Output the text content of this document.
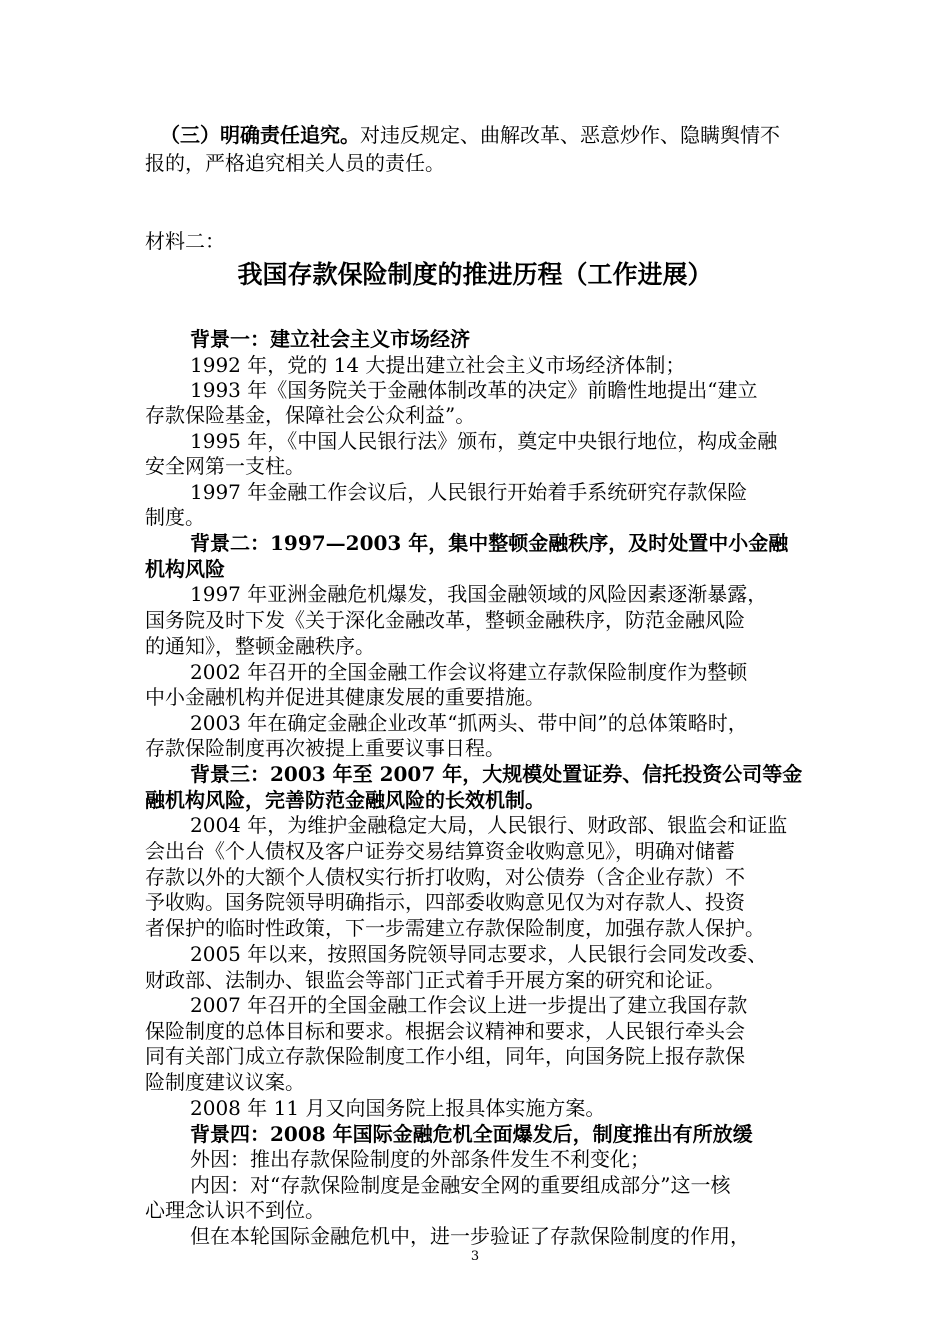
（三）明确责任追究。对违反规定、曲解改革、恶意炒作、隐瞒舆情不
报的，严格追究相关人员的责任。
材料二：
我国存款保险制度的推进历程（工作进展）
背景一：建立社会主义市场经济
1992 年，党的 14 大提出建立社会主义市场经济体制；
1993 年《国务院关于金融体制改革的决定》前瞻性地提出“建立
存款保险基金，保障社会公众利益”。
1995 年，《中国人民银行法》颁布，奠定中央银行地位，构成金融
安全网第一支柱。
1997 年金融工作会议后，人民银行开始着手系统研究存款保险
制度。
背景二：1997—2003 年，集中整顿金融秩序，及时处置中小金融
机构风险
1997 年亚洲金融危机爆发，我国金融领域的风险因素逐渐暴露，
国务院及时下发《关于深化金融改革，整顿金融秩序，防范金融风险
的通知》，整顿金融秩序。
2002 年召开的全国金融工作会议将建立存款保险制度作为整顿
中小金融机构并促进其健康发展的重要措施。
2003 年在确定金融企业改革“抓两头、带中间”的总体策略时，
存款保险制度再次被提上重要议事日程。
背景三：2003 年至 2007 年，大规模处置证券、信托投资公司等金
融机构风险，完善防范金融风险的长效机制。
2004 年，为维护金融稳定大局，人民银行、财政部、银监会和证监
会出台《个人债权及客户证券交易结算资金收购意见》，明确对储蓄
存款以外的大额个人债权实行折打收购，对公债券（含企业存款）不
予收购。国务院领导明确指示，四部委收购意见仅为对存款人、投资
者保护的临时性政策，下一步需建立存款保险制度，加强存款人保护。
2005 年以来，按照国务院领导同志要求，人民银行会同发改委、
财政部、法制办、银监会等部门正式着手开展方案的研究和论证。
2007 年召开的全国金融工作会议上进一步提出了建立我国存款
保险制度的总体目标和要求。根据会议精神和要求，人民银行牵头会
同有关部门成立存款保险制度工作小组，同年，向国务院上报存款保
险制度建议议案。
2008 年 11 月又向国务院上报具体实施方案。
背景四：2008 年国际金融危机全面爆发后，制度推出有所放缓
外因：推出存款保险制度的外部条件发生不利变化；
内因：对“存款保险制度是金融安全网的重要组成部分”这一核
心理念认识不到位。
但在本轮国际金融危机中，进一步验证了存款保险制度的作用，
3
